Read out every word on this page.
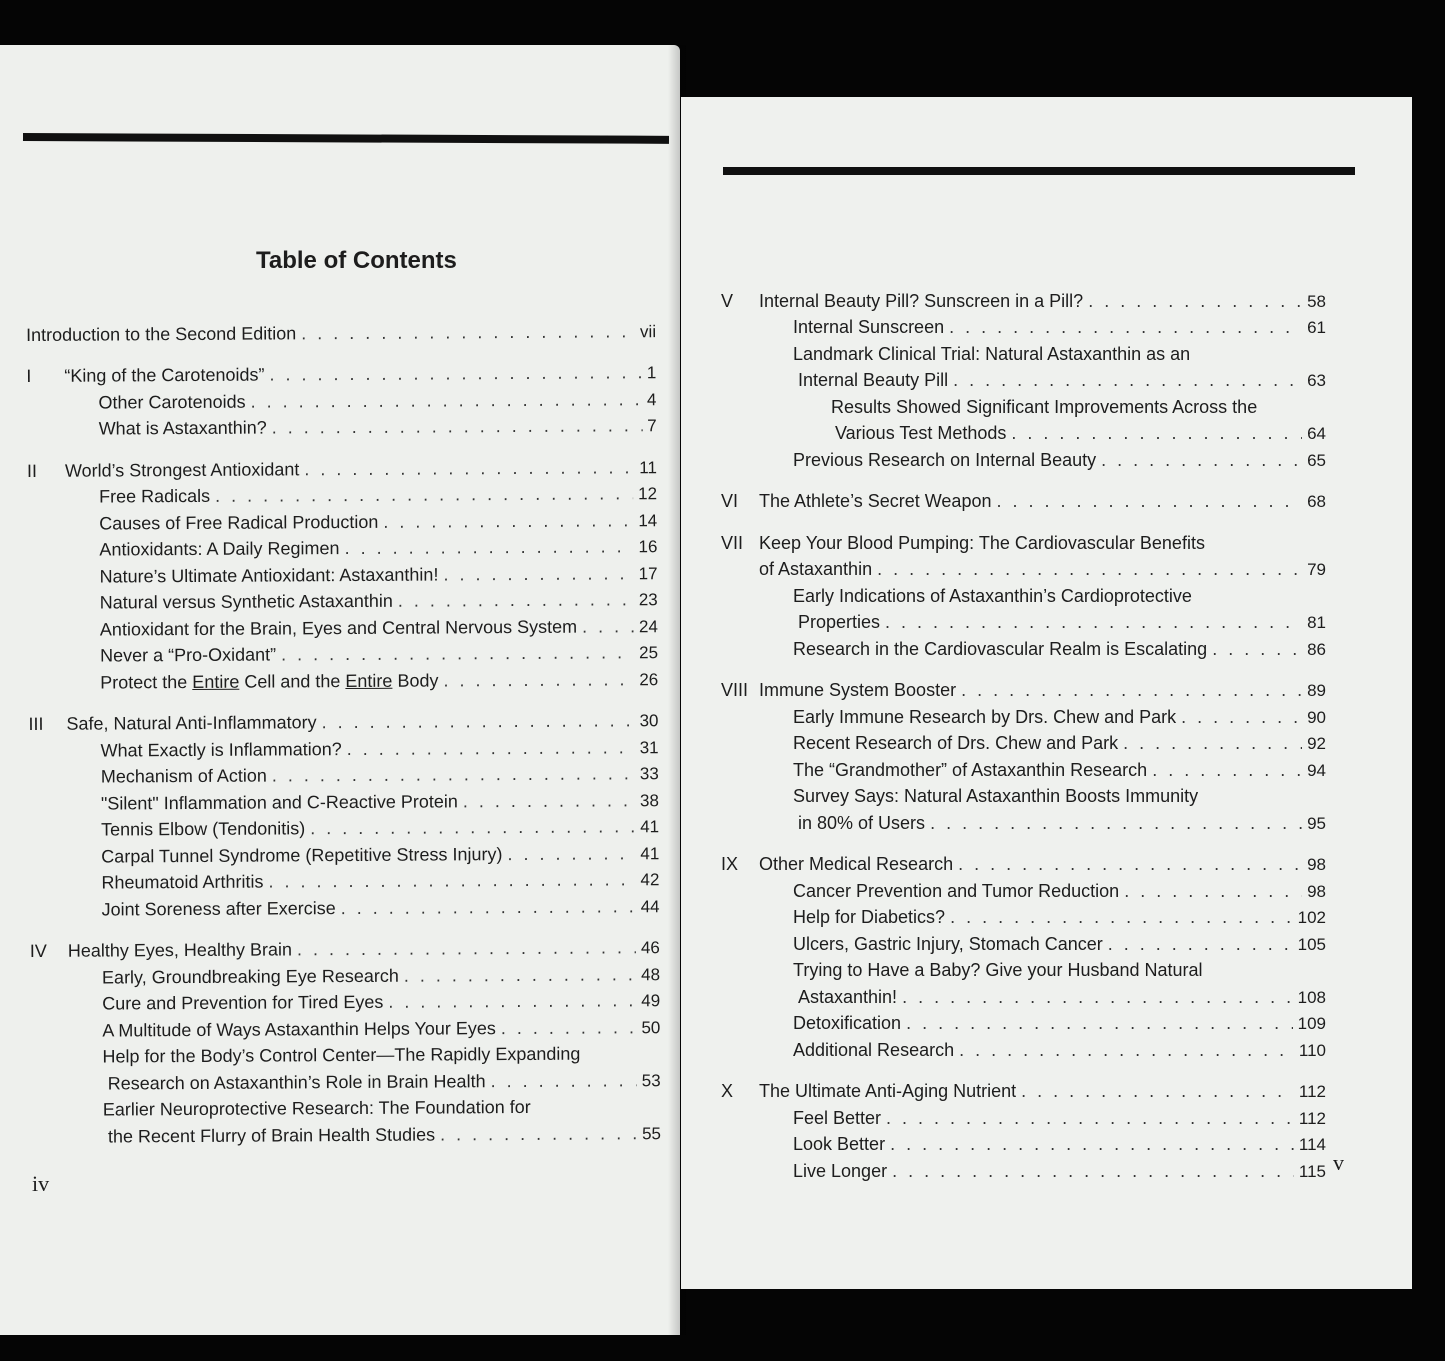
Table of Contents
Introduction to the Second Edition . . .	vii
I	“King of the Carotenoids” . . .	1
Other Carotenoids . . .	4
What is Astaxanthin? . . .	7
II	World’s Strongest Antioxidant . . .	11
Free Radicals . . .	12
Causes of Free Radical Production . . .	14
Antioxidants: A Daily Regimen . . .	16
Nature’s Ultimate Antioxidant: Astaxanthin! . . .	17
Natural versus Synthetic Astaxanthin . . .	23
Antioxidant for the Brain, Eyes and Central Nervous System . . .	24
Never a “Pro-Oxidant” . . .	25
Protect the Entire Cell and the Entire Body . . .	26
III	Safe, Natural Anti-Inflammatory . . .	30
What Exactly is Inflammation? . . .	31
Mechanism of Action . . .	33
"Silent" Inflammation and C-Reactive Protein . . .	38
Tennis Elbow (Tendonitis) . . .	41
Carpal Tunnel Syndrome (Repetitive Stress Injury) . . .	41
Rheumatoid Arthritis . . .	42
Joint Soreness after Exercise . . .	44
IV	Healthy Eyes, Healthy Brain . . .	46
Early, Groundbreaking Eye Research . . .	48
Cure and Prevention for Tired Eyes . . .	49
A Multitude of Ways Astaxanthin Helps Your Eyes . . .	50
Help for the Body’s Control Center—The Rapidly Expanding
Research on Astaxanthin’s Role in Brain Health . . .	53
Earlier Neuroprotective Research: The Foundation for
the Recent Flurry of Brain Health Studies . . .	55
iv
V	Internal Beauty Pill? Sunscreen in a Pill? . . .	58
Internal Sunscreen . . .	61
Landmark Clinical Trial: Natural Astaxanthin as an
Internal Beauty Pill . . .	63
Results Showed Significant Improvements Across the
Various Test Methods . . .	64
Previous Research on Internal Beauty . . .	65
VI	The Athlete’s Secret Weapon . . .	68
VII Keep Your Blood Pumping: The Cardiovascular Benefits
of Astaxanthin . . .	79
Early Indications of Astaxanthin’s Cardioprotective
Properties . . .	81
Research in the Cardiovascular Realm is Escalating . . .	86
VIII Immune System Booster . . .	89
Early Immune Research by Drs. Chew and Park . . .	90
Recent Research of Drs. Chew and Park . . .	92
The “Grandmother” of Astaxanthin Research . . .	94
Survey Says: Natural Astaxanthin Boosts Immunity
in 80% of Users . . .	95
IX	Other Medical Research . . .	98
Cancer Prevention and Tumor Reduction . . .	98
Help for Diabetics? . . .	102
Ulcers, Gastric Injury, Stomach Cancer . . .	105
Trying to Have a Baby? Give your Husband Natural
Astaxanthin! . . .	108
Detoxification . . .	109
Additional Research . . .	110
X	The Ultimate Anti-Aging Nutrient . . .	112
Feel Better . . .	112
Look Better . . .	114
Live Longer . . .	115 v
